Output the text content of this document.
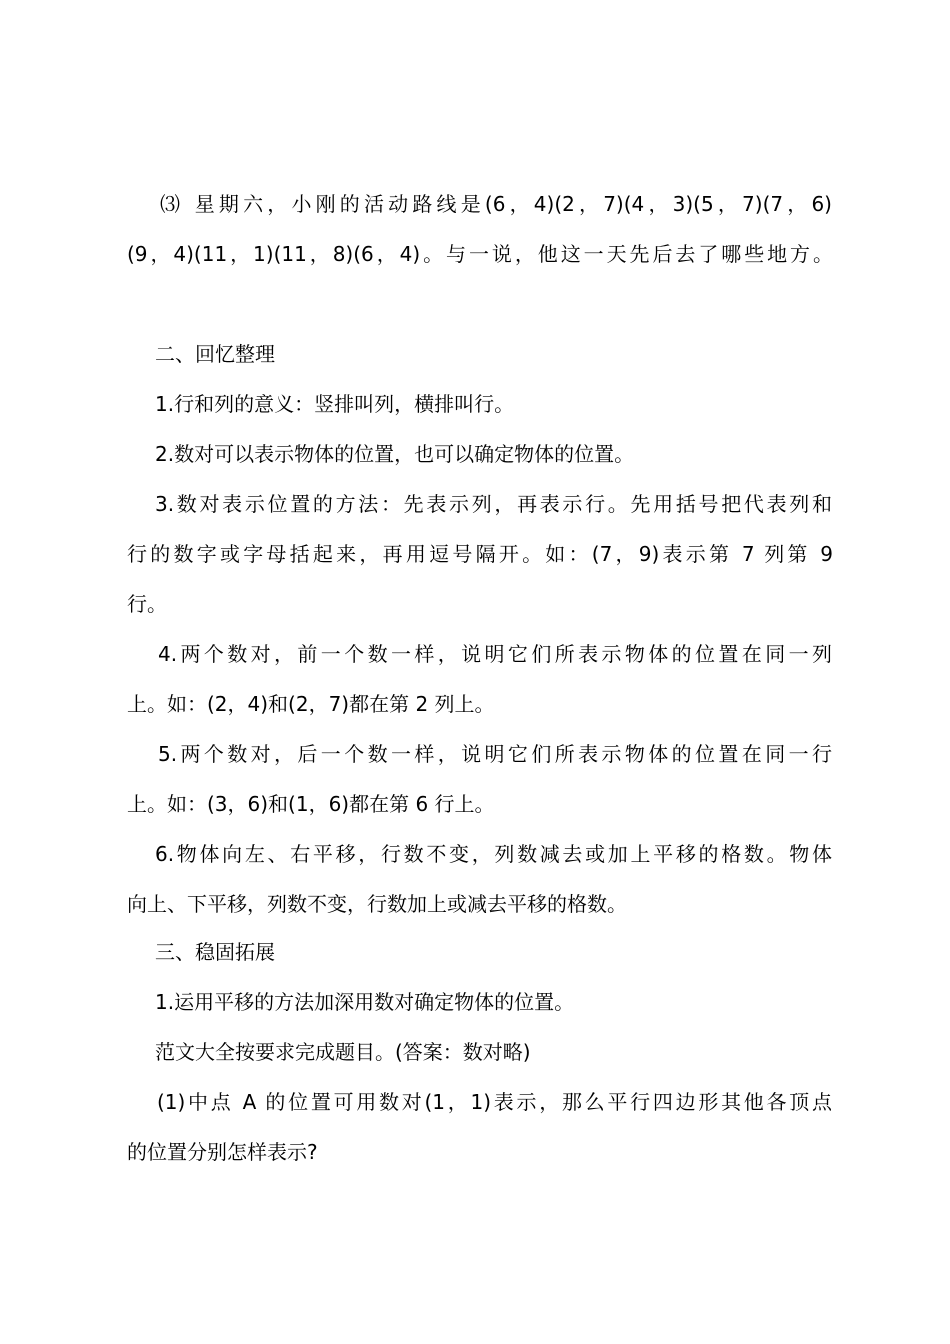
⑶ 星期六，小刚的活动路线是(6，4)(2，7)(4，3)(5，7)(7，6)
(9，4)(11，1)(11，8)(6，4)。与一说，他这一天先后去了哪些地方。
二、回忆整理
1.行和列的意义：竖排叫列，横排叫行。
2.数对可以表示物体的位置，也可以确定物体的位置。
3.数对表示位置的方法：先表示列，再表示行。先用括号把代表列和
行的数字或字母括起来，再用逗号隔开。如：(7，9)表示第 7 列第 9
行。
4.两个数对，前一个数一样，说明它们所表示物体的位置在同一列
上。如：(2，4)和(2，7)都在第 2 列上。
5.两个数对，后一个数一样，说明它们所表示物体的位置在同一行
上。如：(3，6)和(1，6)都在第 6 行上。
6.物体向左、右平移，行数不变，列数减去或加上平移的格数。物体
向上、下平移，列数不变，行数加上或减去平移的格数。
三、稳固拓展
1.运用平移的方法加深用数对确定物体的位置。
范文大全按要求完成题目。(答案：数对略)
(1)中点 A 的位置可用数对(1，1)表示，那么平行四边形其他各顶点
的位置分别怎样表示?
